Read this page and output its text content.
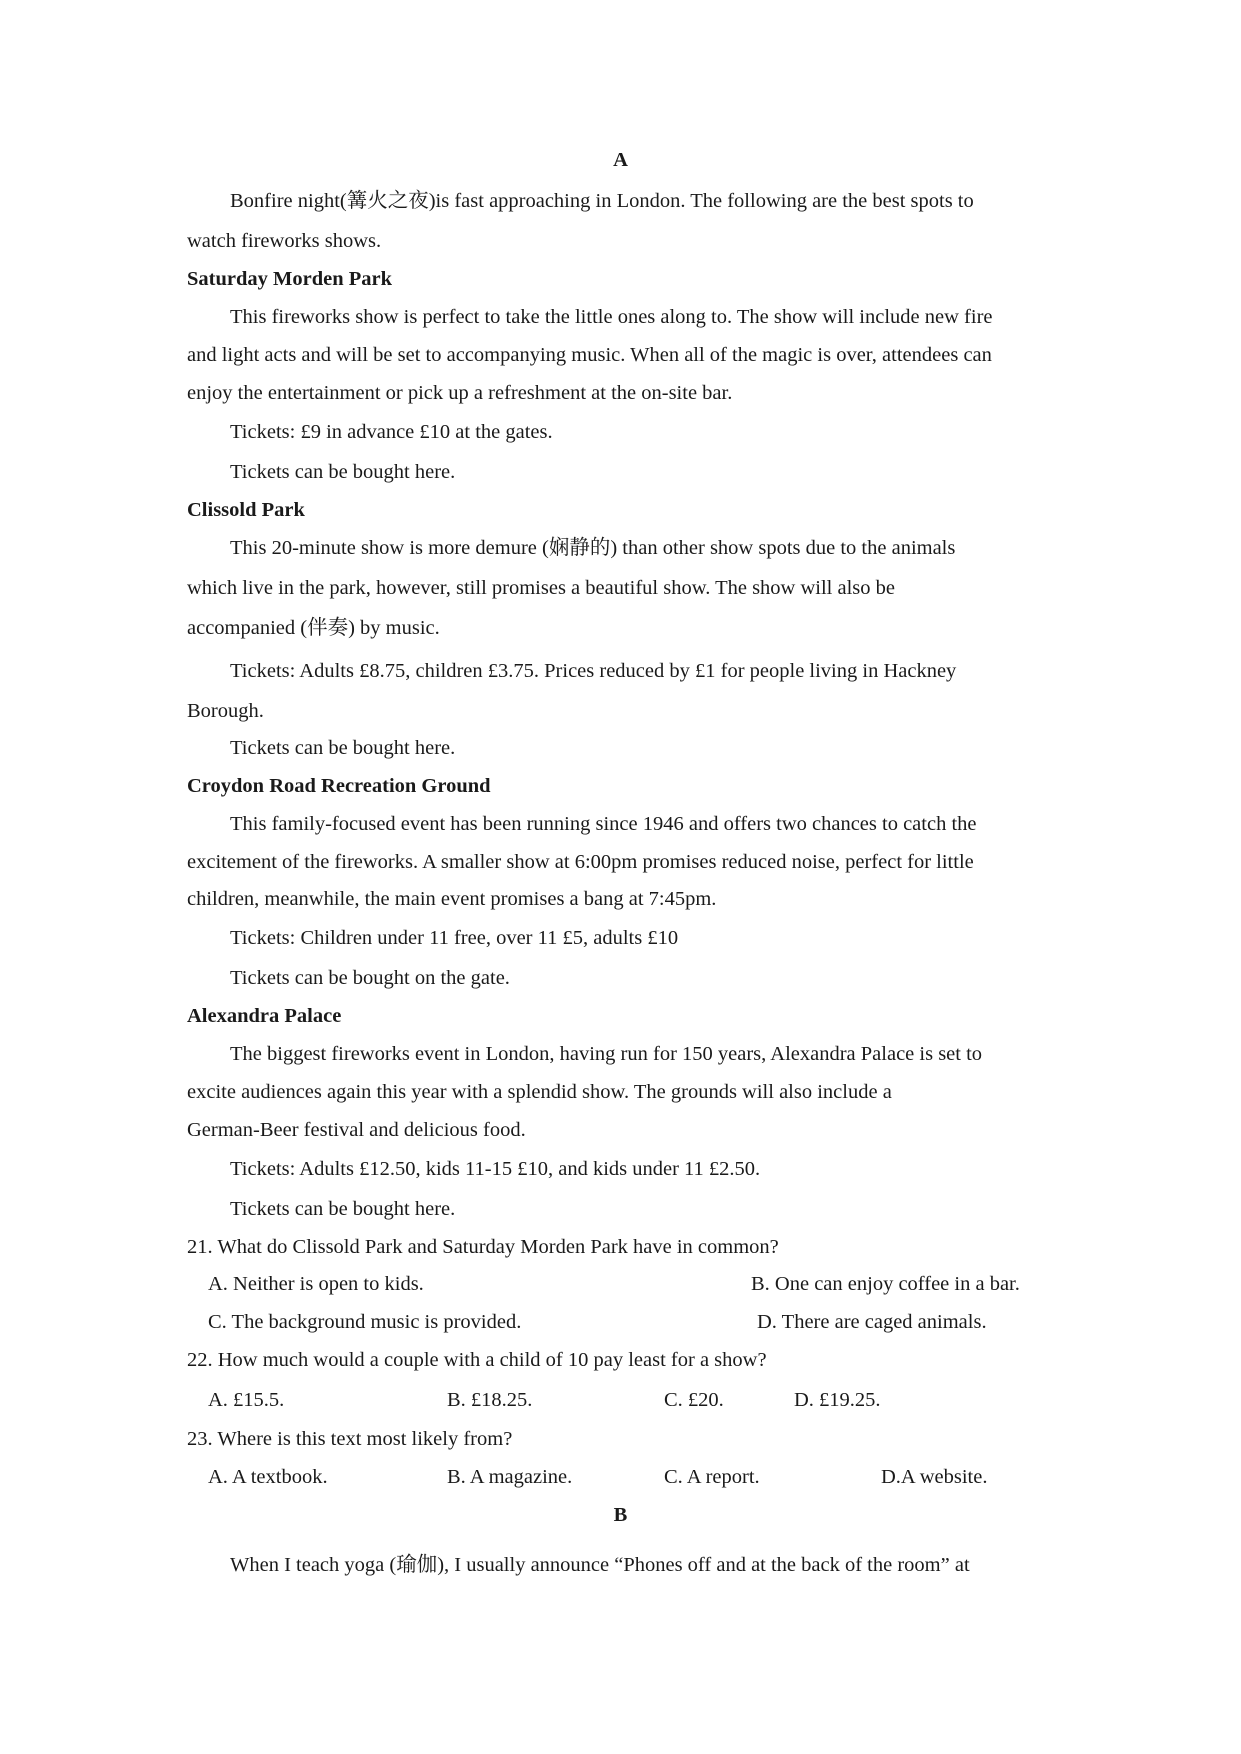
A
Bonfire night(篝火之夜)is fast approaching in London. The following are the best spots to
watch fireworks shows.
Saturday Morden Park
This fireworks show is perfect to take the little ones along to. The show will include new fire
and light acts and will be set to accompanying music. When all of the magic is over, attendees can
enjoy the entertainment or pick up a refreshment at the on-site bar.
Tickets: £9 in advance £10 at the gates.
Tickets can be bought here.
Clissold Park
This 20-minute show is more demure (娴静的) than other show spots due to the animals
which live in the park, however, still promises a beautiful show. The show will also be
accompanied (伴奏) by music.
Tickets: Adults £8.75, children £3.75. Prices reduced by £1 for people living in Hackney
Borough.
Tickets can be bought here.
Croydon Road Recreation Ground
This family-focused event has been running since 1946 and offers two chances to catch the
excitement of the fireworks. A smaller show at 6:00pm promises reduced noise, perfect for little
children, meanwhile, the main event promises a bang at 7:45pm.
Tickets: Children under 11 free, over 11 £5, adults £10
Tickets can be bought on the gate.
Alexandra Palace
The biggest fireworks event in London, having run for 150 years, Alexandra Palace is set to
excite audiences again this year with a splendid show. The grounds will also include a
German-Beer festival and delicious food.
Tickets: Adults £12.50, kids 11-15 £10, and kids under 11 £2.50.
Tickets can be bought here.
21. What do Clissold Park and Saturday Morden Park have in common?
A. Neither is open to kids.	B. One can enjoy coffee in a bar.
C. The background music is provided.	D. There are caged animals.
22. How much would a couple with a child of 10 pay least for a show?
A. £15.5.	B. £18.25.	C. £20.	D. £19.25.
23. Where is this text most likely from?
A. A textbook.	B. A magazine.	C. A report.	D.A website.
B
When I teach yoga (瑜伽), I usually announce “Phones off and at the back of the room” at
